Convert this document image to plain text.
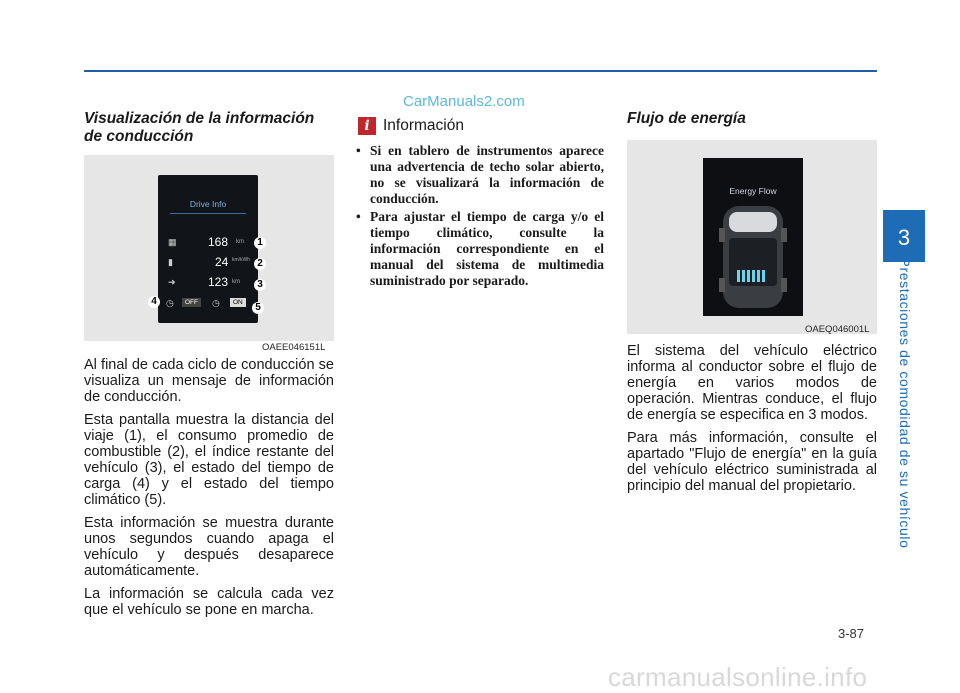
3
Prestaciones de comodidad de su vehículo
CarManuals2.com
Visualización de la información de conducción
Drive Info
▦	168 km
▮	24 km/kWh
➜	123 km
◷	OFF	◷	ON
1
2
3
4
5
OAEE046151L

Al final de cada ciclo de conducción se visualiza un mensaje de información de conducción.

Esta pantalla muestra la distancia del viaje (1), el consumo promedio de combustible (2), el índice restante del vehículo (3), el estado del tiempo de carga (4) y el estado del tiempo climático (5).

Esta información se muestra durante unos segundos cuando apaga el vehículo y después desaparece automáticamente.

La información se calcula cada vez que el vehículo se pone en marcha.

i Información
• Si en tablero de instrumentos aparece una advertencia de techo solar abierto, no se visualizará la información de conducción.
• Para ajustar el tiempo de carga y/o el tiempo climático, consulte la información correspondiente en el manual del sistema de multimedia suministrado por separado.
Flujo de energía
Energy Flow
OAEQ046001L

El sistema del vehículo eléctrico informa al conductor sobre el flujo de energía en varios modos de operación. Mientras conduce, el flujo de energía se especifica en 3 modos.

Para más información, consulte el apartado "Flujo de energía" en la guía del vehículo eléctrico suministrada al principio del manual del propietario.

3-87
carmanualsonline.info
